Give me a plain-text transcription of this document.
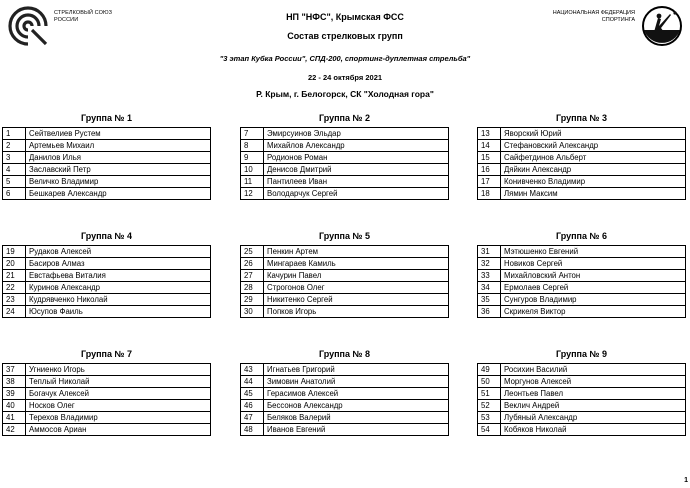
СТРЕЛКОВЫЙ СОЮЗ
РОССИИ
НАЦИОНАЛЬНАЯ ФЕДЕРАЦИЯ
СПОРТИНГА
НП "НФС", Крымская ФСС
Состав стрелковых групп
"3 этап Кубка России", СПД-200, спортинг-дуплетная стрельба"
22 - 24 октября 2021
Р. Крым, г. Белогорск, СК "Холодная гора"
Группа № 1
1	Сейтвелиев Рустем
2	Артемьев Михаил
3	Данилов Илья
4	Заславский Петр
5	Величко Владимир
6	Бешкарев Александр
Группа № 2
7	Эмирсуинов Эльдар
8	Михайлов Александр
9	Родионов Роман
10	Денисов Дмитрий
11	Пантилеев Иван
12	Володарчук Сергей
Группа № 3
13	Яворский Юрий
14	Стефановский Александр
15	Сайфетдинов Альберт
16	Дяйкин Александр
17	Конивченко Владимир
18	Лямин Максим
Группа № 4
19	Рудаков Алексей
20	Басиров Алмаз
21	Евстафьева Виталия
22	Куринов Александр
23	Кудрявченко Николай
24	Юсупов Фаиль
Группа № 5
25	Пенкин Артем
26	Мингараев Камиль
27	Качурин Павел
28	Строгонов Олег
29	Никитенко Сергей
30	Попков Игорь
Группа № 6
31	Мэтюшенко Евгений
32	Новиков Сергей
33	Михайловский Антон
34	Ермолаев Сергей
35	Сунгуров Владимир
36	Скрикеля Виктор
Группа № 7
37	Угниенко Игорь
38	Теплый Николай
39	Богачук Алексей
40	Носков Олег
41	Терехов Владимир
42	Аммосов Ариан
Группа № 8
43	Игнатьев Григорий
44	Зимовин Анатолий
45	Герасимов Алексей
46	Бессонов Александр
47	Беляков Валерий
48	Иванов Евгений
Группа № 9
49	Росихин Василий
50	Моргунов Алексей
51	Леонтьев Павел
52	Веклич Андрей
53	Лубяный Александр
54	Кобяков Николай
1
